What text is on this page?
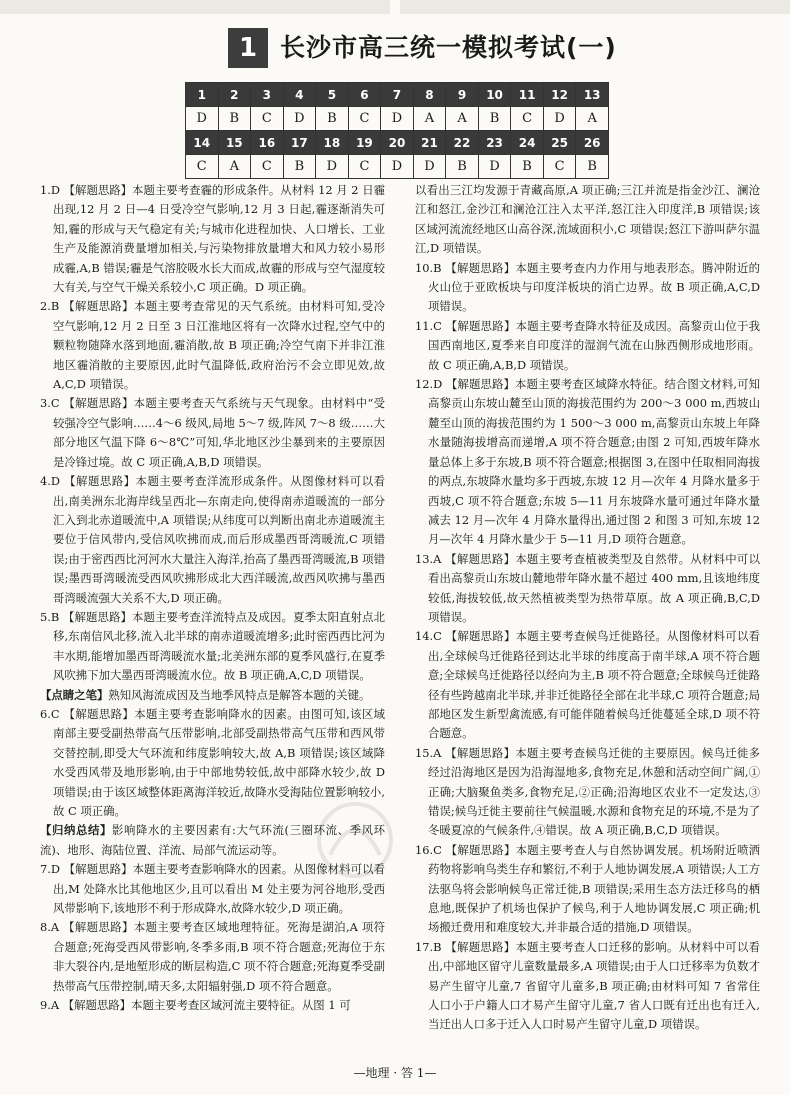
1 长沙市高三统一模拟考试(一)
1	2	3	4	5	6	7	8	9	10	11	12	13
D	B	C	D	B	C	D	A	A	B	C	D	A
14	15	16	17	18	19	20	21	22	23	24	25	26
C	A	C	B	D	C	D	D	B	D	B	C	B

1.D 【解题思路】本题主要考查霾的形成条件。从材料 12 月 2 日霾出现,12 月 2 日—4 日受冷空气影响,12 月 3 日起,霾逐渐消失可知,霾的形成与天气稳定有关;与城市化进程加快、人口增长、工业生产及能源消费量增加相关,与污染物排放量增大和风力较小易形成霾,A,B 错误;霾是气溶胶吸水长大而成,故霾的形成与空气湿度较大有关,与空气干燥关系较小,C 项正确。D 项正确。

2.B 【解题思路】本题主要考查常见的天气系统。由材料可知,受冷空气影响,12 月 2 日至 3 日江淮地区将有一次降水过程,空气中的颗粒物随降水落到地面,霾消散,故 B 项正确;冷空气南下并非江淮地区霾消散的主要原因,此时气温降低,政府治污不会立即见效,故 A,C,D 项错误。

3.C 【解题思路】本题主要考查天气系统与天气现象。由材料中“受较强冷空气影响……4～6 级风,局地 5～7 级,阵风 7～8 级……大部分地区气温下降 6～8℃”可知,华北地区沙尘暴到来的主要原因是冷锋过境。故 C 项正确,A,B,D 项错误。

4.D 【解题思路】本题主要考查洋流形成条件。从图像材料可以看出,南美洲东北海岸线呈西北—东南走向,使得南赤道暖流的一部分汇入到北赤道暖流中,A 项错误;从纬度可以判断出南北赤道暖流主要位于信风带内,受信风吹拂而成,而后形成墨西哥湾暖流,C 项错误;由于密西西比河河水大量注入海洋,抬高了墨西哥湾暖流,B 项错误;墨西哥湾暖流受西风吹拂形成北大西洋暖流,故西风吹拂与墨西哥湾暖流强大关系不大,D 项正确。

5.B 【解题思路】本题主要考查洋流特点及成因。夏季太阳直射点北移,东南信风北移,流入北半球的南赤道暖流增多;此时密西西比河为丰水期,能增加墨西哥湾暖流水量;北美洲东部的夏季风盛行,在夏季风吹拂下加大墨西哥湾暖流水位。故 B 项正确,A,C,D 项错误。

【点睛之笔】熟知风海流成因及当地季风特点是解答本题的关键。

6.C 【解题思路】本题主要考查影响降水的因素。由图可知,该区域南部主要受副热带高气压带影响,北部受副热带高气压带和西风带交替控制,即受大气环流和纬度影响较大,故 A,B 项错误;该区域降水受西风带及地形影响,由于中部地势较低,故中部降水较少,故 D 项错误;由于该区域整体距离海洋较近,故降水受海陆位置影响较小,故 C 项正确。

【归纳总结】影响降水的主要因素有:大气环流(三圈环流、季风环流)、地形、海陆位置、洋流、局部气流运动等。

7.D 【解题思路】本题主要考查影响降水的因素。从图像材料可以看出,M 处降水比其他地区少,且可以看出 M 处主要为河谷地形,受西风带影响下,该地形不利于形成降水,故降水较少,D 项正确。

8.A 【解题思路】本题主要考查区域地理特征。死海是湖泊,A 项符合题意;死海受西风带影响,冬季多雨,B 项不符合题意;死海位于东非大裂谷内,是地堑形成的断层构造,C 项不符合题意;死海夏季受副热带高气压带控制,晴天多,太阳辐射强,D 项不符合题意。

9.A 【解题思路】本题主要考查区域河流主要特征。从图 1 可

以看出三江均发源于青藏高原,A 项正确;三江并流是指金沙江、澜沧江和怒江,金沙江和澜沧江注入太平洋,怒江注入印度洋,B 项错误;该区域河流流经地区山高谷深,流域面积小,C 项错误;怒江下游叫萨尔温江,D 项错误。

10.B 【解题思路】本题主要考查内力作用与地表形态。腾冲附近的火山位于亚欧板块与印度洋板块的消亡边界。故 B 项正确,A,C,D 项错误。

11.C 【解题思路】本题主要考查降水特征及成因。高黎贡山位于我国西南地区,夏季来自印度洋的湿润气流在山脉西侧形成地形雨。故 C 项正确,A,B,D 项错误。

12.D 【解题思路】本题主要考查区域降水特征。结合图文材料,可知高黎贡山东坡山麓至山顶的海拔范围约为 200～3 000 m,西坡山麓至山顶的海拔范围约为 1 500～3 000 m,高黎贡山东坡上年降水量随海拔增高而递增,A 项不符合题意;由图 2 可知,西坡年降水量总体上多于东坡,B 项不符合题意;根据图 3,在图中任取相同海拔的两点,东坡降水量均多于西坡,东坡 12 月—次年 4 月降水量多于西坡,C 项不符合题意;东坡 5—11 月东坡降水量可通过年降水量减去 12 月—次年 4 月降水量得出,通过图 2 和图 3 可知,东坡 12 月—次年 4 月降水量少于 5—11 月,D 项符合题意。

13.A 【解题思路】本题主要考查植被类型及自然带。从材料中可以看出高黎贡山东坡山麓地带年降水量不超过 400 mm,且该地纬度较低,海拔较低,故天然植被类型为热带草原。故 A 项正确,B,C,D 项错误。

14.C 【解题思路】本题主要考查候鸟迁徙路径。从图像材料可以看出,全球候鸟迁徙路径到达北半球的纬度高于南半球,A 项不符合题意;全球候鸟迁徙路径以经向为主,B 项不符合题意;全球候鸟迁徙路径有些跨越南北半球,并非迁徙路径全部在北半球,C 项符合题意;局部地区发生新型禽流感,有可能伴随着候鸟迁徙蔓延全球,D 项不符合题意。

15.A 【解题思路】本题主要考查候鸟迁徙的主要原因。候鸟迁徙多经过沿海地区是因为沿海湿地多,食物充足,休憩和活动空间广阔,①正确;大脑聚鱼类多,食物充足,②正确;沿海地区农业不一定发达,③错误;候鸟迁徙主要前往气候温暖,水源和食物充足的环境,不是为了冬暖夏凉的气候条件,④错误。故 A 项正确,B,C,D 项错误。

16.C 【解题思路】本题主要考查人与自然协调发展。机场附近喷洒药物将影响鸟类生存和繁衍,不利于人地协调发展,A 项错误;人工方法驱鸟将会影响候鸟正常迁徙,B 项错误;采用生态方法迁移鸟的栖息地,既保护了机场也保护了候鸟,利于人地协调发展,C 项正确;机场搬迁费用和难度较大,并非最合适的措施,D 项错误。

17.B 【解题思路】本题主要考查人口迁移的影响。从材料中可以看出,中部地区留守儿童数量最多,A 项错误;由于人口迁移率为负数才易产生留守儿童,7 省留守儿童多,B 项正确;由材料可知 7 省常住人口小于户籍人口才易产生留守儿童,7 省人口既有迁出也有迁入,当迁出人口多于迁入人口时易产生留守儿童,D 项错误。

—地理 · 答 1—
